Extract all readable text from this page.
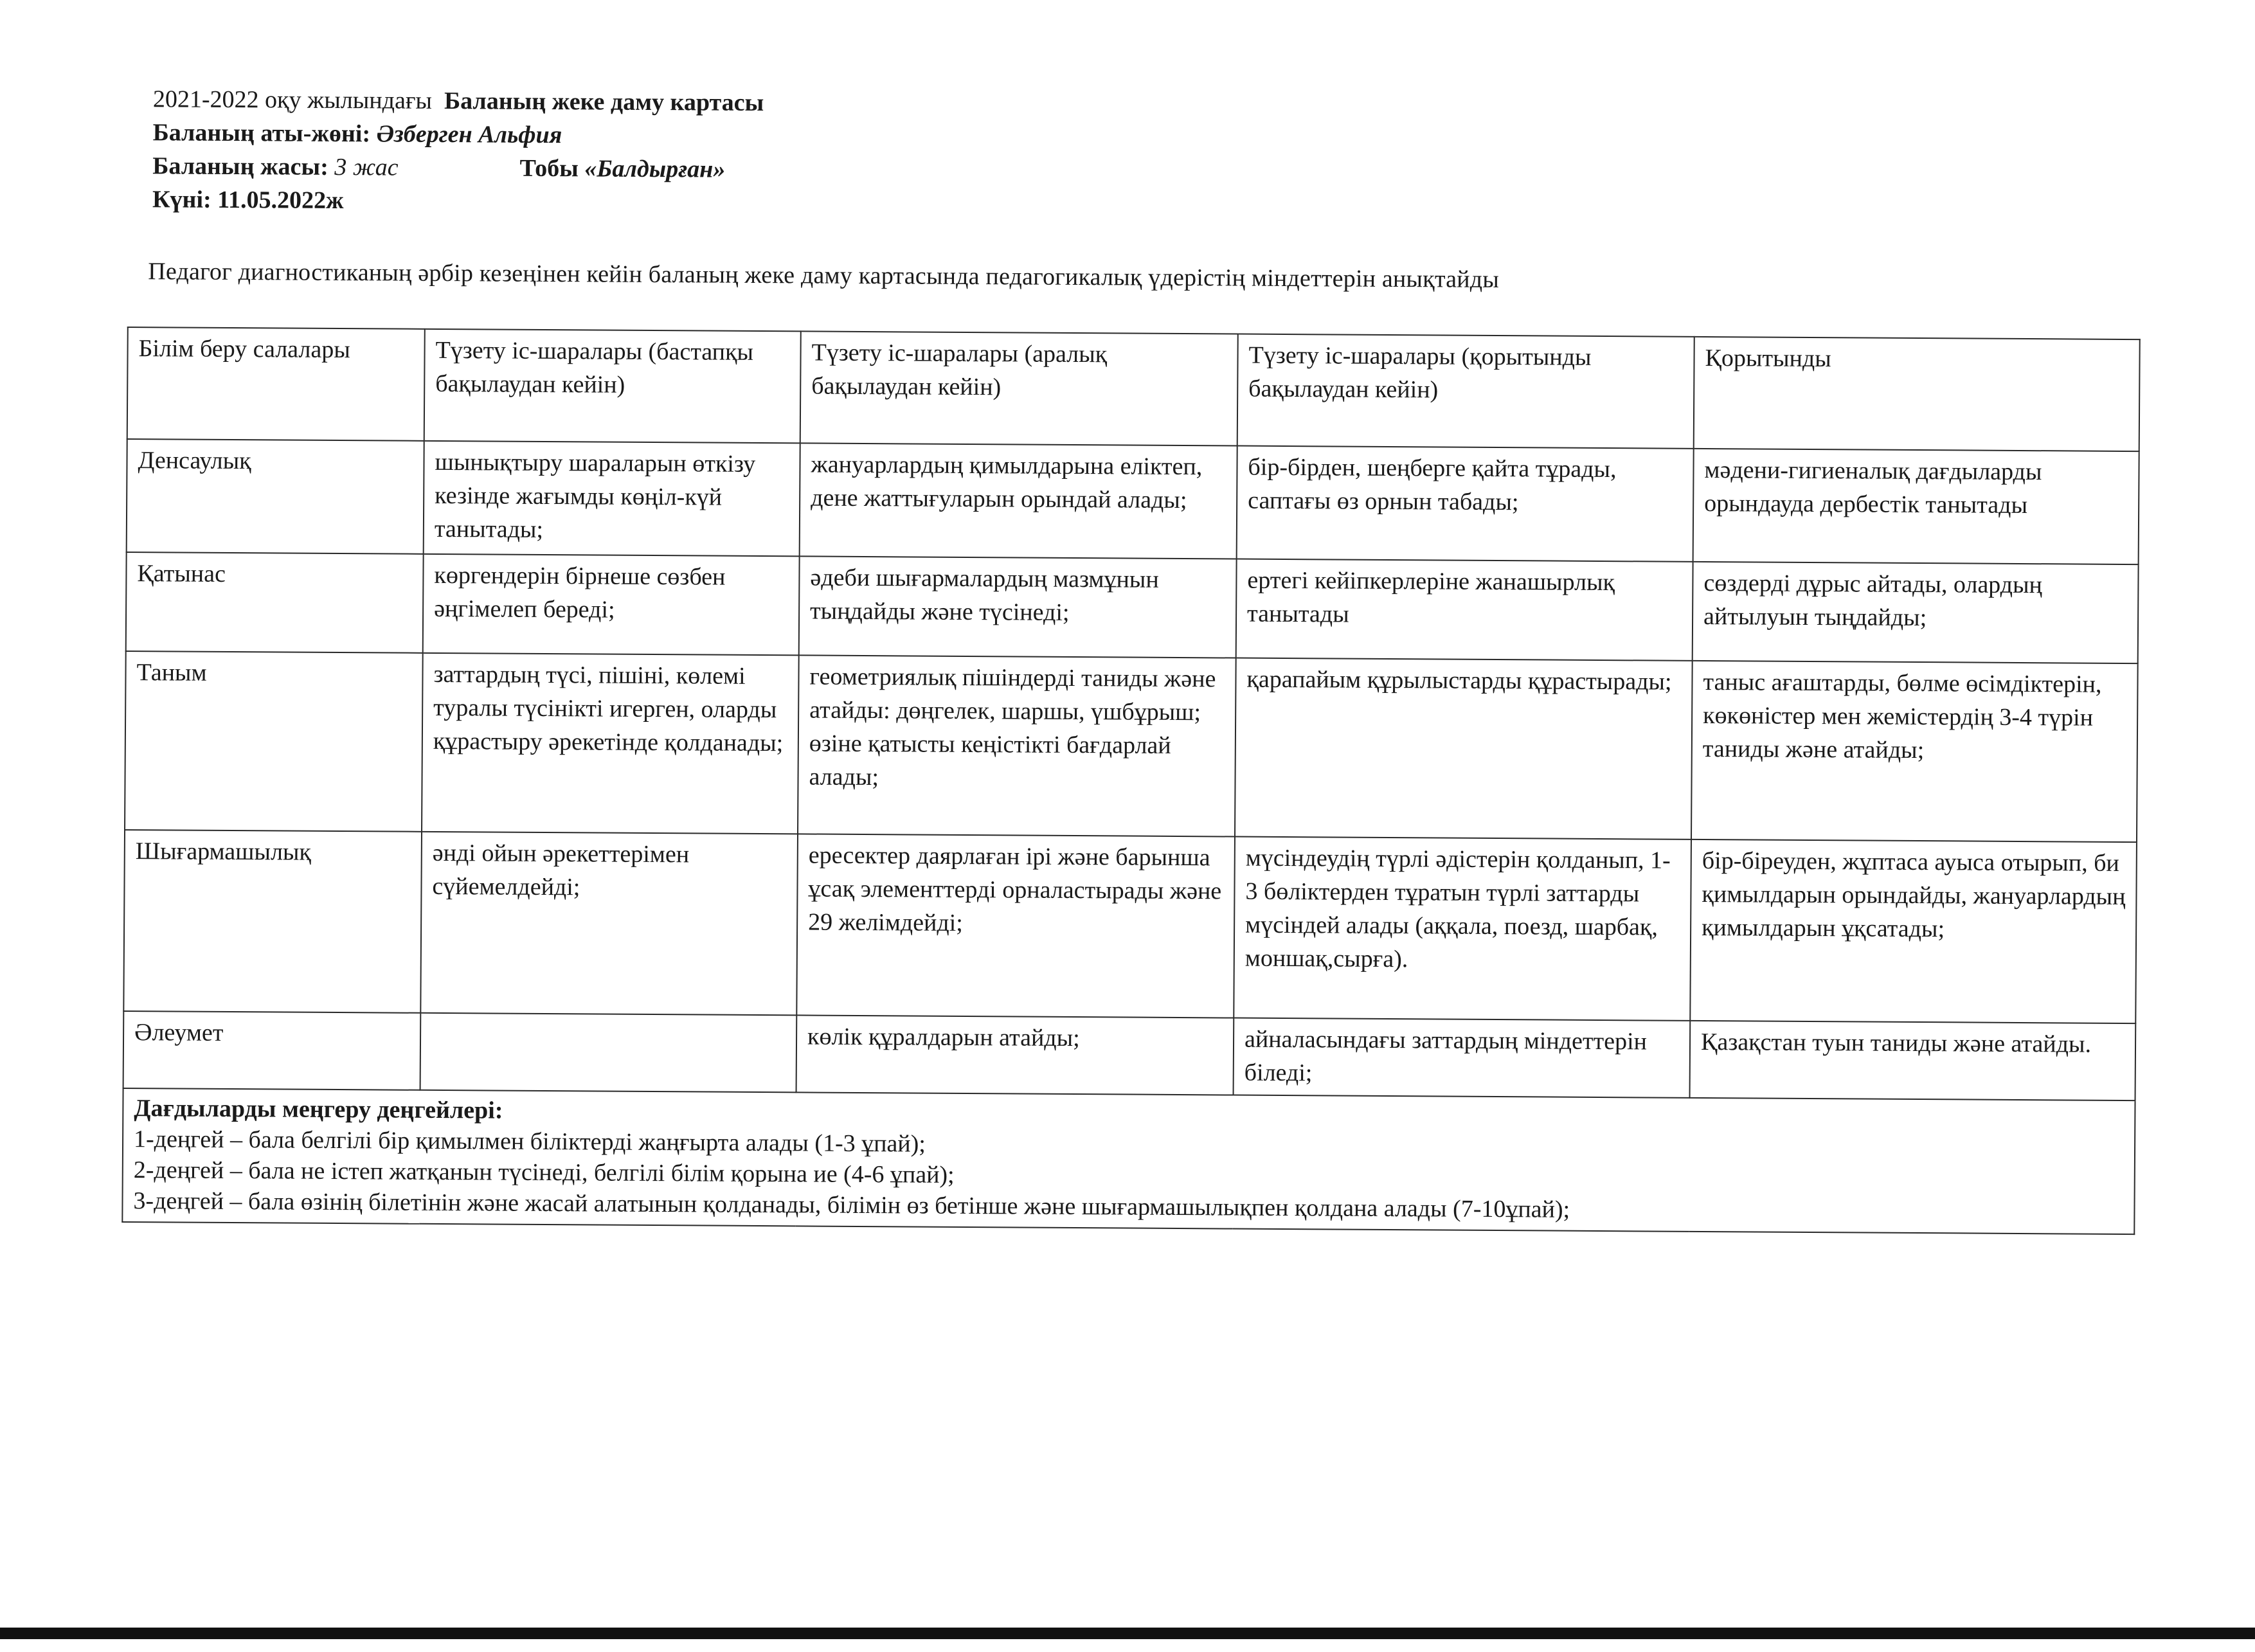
2021-2022 оқу жылындағы Баланың жеке даму картасы
Баланың аты-жөні: Әзберген Альфия
Баланың жасы: 3 жас	Тобы «Балдырған»
Күні: 11.05.2022ж
Педагог диагностиканың әрбір кезеңінен кейін баланың жеке даму картасында педагогикалық үдерістің міндеттерін анықтайды
Білім беру салалары	Түзету іс-шаралары (бастапқы бақылаудан кейін)	Түзету іс-шаралары (аралық бақылаудан кейін)	Түзету іс-шаралары (қорытынды бақылаудан кейін)	Қорытынды
Денсаулық	шынықтыру шараларын өткізу кезінде жағымды көңіл-күй танытады;	жануарлардың қимылдарына еліктеп, дене жаттығуларын орындай алады;	бір-бірден, шеңберге қайта тұрады, саптағы өз орнын табады;	мәдени-гигиеналық дағдыларды орындауда дербестік танытады
Қатынас	көргендерін бірнеше сөзбен әңгімелеп береді;	әдеби шығармалардың мазмұнын тыңдайды және түсінеді;	ертегі кейіпкерлеріне жанашырлық танытады	сөздерді дұрыс айтады, олардың айтылуын тыңдайды;
Таным	заттардың түсі, пішіні, көлемі туралы түсінікті игерген, оларды құрастыру әрекетінде қолданады;	геометриялық пішіндерді таниды және атайды: дөңгелек, шаршы, үшбұрыш; өзіне қатысты кеңістікті бағдарлай алады;	қарапайым құрылыстарды құрастырады;	таныс ағаштарды, бөлме өсімдіктерін, көкөністер мен жемістердің 3-4 түрін таниды және атайды;
Шығармашылық	әнді ойын әрекеттерімен сүйемелдейді;	ересектер даярлаған ірі және барынша ұсақ элементтерді орналастырады және 29 желімдейді;	мүсіндеудің түрлі әдістерін қолданып, 1-3 бөліктерден тұратын түрлі заттарды мүсіндей алады (аққала, поезд, шарбақ, моншақ,сырға).	бір-біреуден, жұптаса ауыса отырып, би қимылдарын орындайды, жануарлардың қимылдарын ұқсатады;
Әлеумет		көлік құралдарын атайды;	айналасындағы заттардың міндеттерін біледі;	Қазақстан туын таниды және атайды.

Дағдыларды меңгеру деңгейлері:
1-деңгей – бала белгілі бір қимылмен біліктерді жаңғырта алады (1-3 ұпай);
2-деңгей – бала не істеп жатқанын түсінеді, белгілі білім қорына ие (4-6 ұпай);
3-деңгей – бала өзінің білетінін және жасай алатынын қолданады, білімін өз бетінше және шығармашылықпен қолдана алады (7-10ұпай);				
